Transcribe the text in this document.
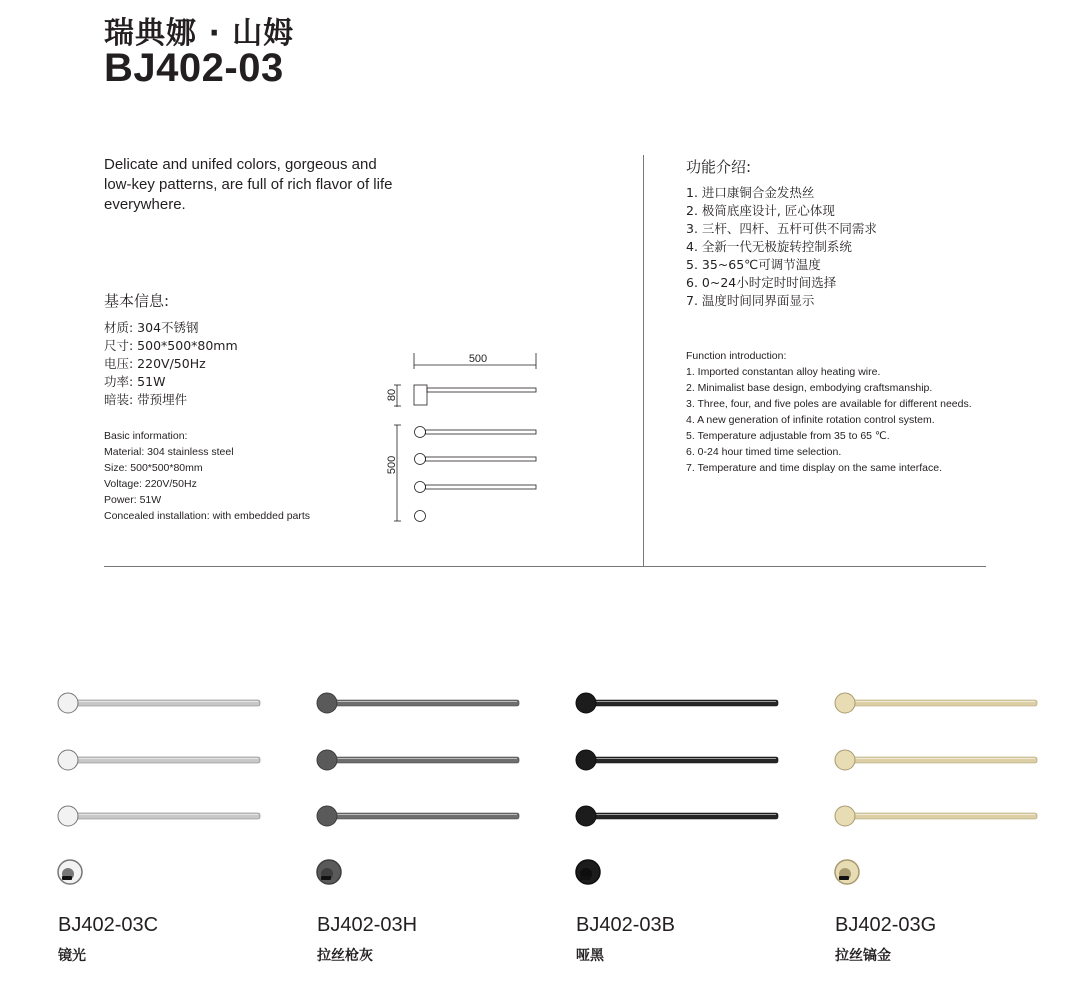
瑞典娜 · 山姆
BJ402-03
Delicate and unifed colors, gorgeous and
low-key patterns, are full of rich flavor of life
everywhere.
基本信息:
材质: 304不锈钢
尺寸: 500*500*80mm
电压: 220V/50Hz
功率: 51W
暗装: 带预埋件
Basic information:
Material: 304 stainless steel
Size: 500*500*80mm
Voltage: 220V/50Hz
Power: 51W
Concealed installation: with embedded parts
500
500
80
功能介绍:
1. 进口康铜合金发热丝
2. 极简底座设计, 匠心体现
3. 三杆、四杆、五杆可供不同需求
4. 全新一代无极旋转控制系统
5. 35~65℃可调节温度
6. 0~24小时定时时间选择
7. 温度时间同界面显示
Function introduction:
1. Imported constantan alloy heating wire.
2. Minimalist base design, embodying craftsmanship.
3. Three, four, and five poles are available for different needs.
4. A new generation of infinite rotation control system.
5. Temperature adjustable from 35 to 65 ℃.
6. 0-24 hour timed time selection.
7. Temperature and time display on the same interface.
BJ402-03C
镜光
BJ402-03H
拉丝枪灰
BJ402-03B
哑黑
BJ402-03G
拉丝镐金
